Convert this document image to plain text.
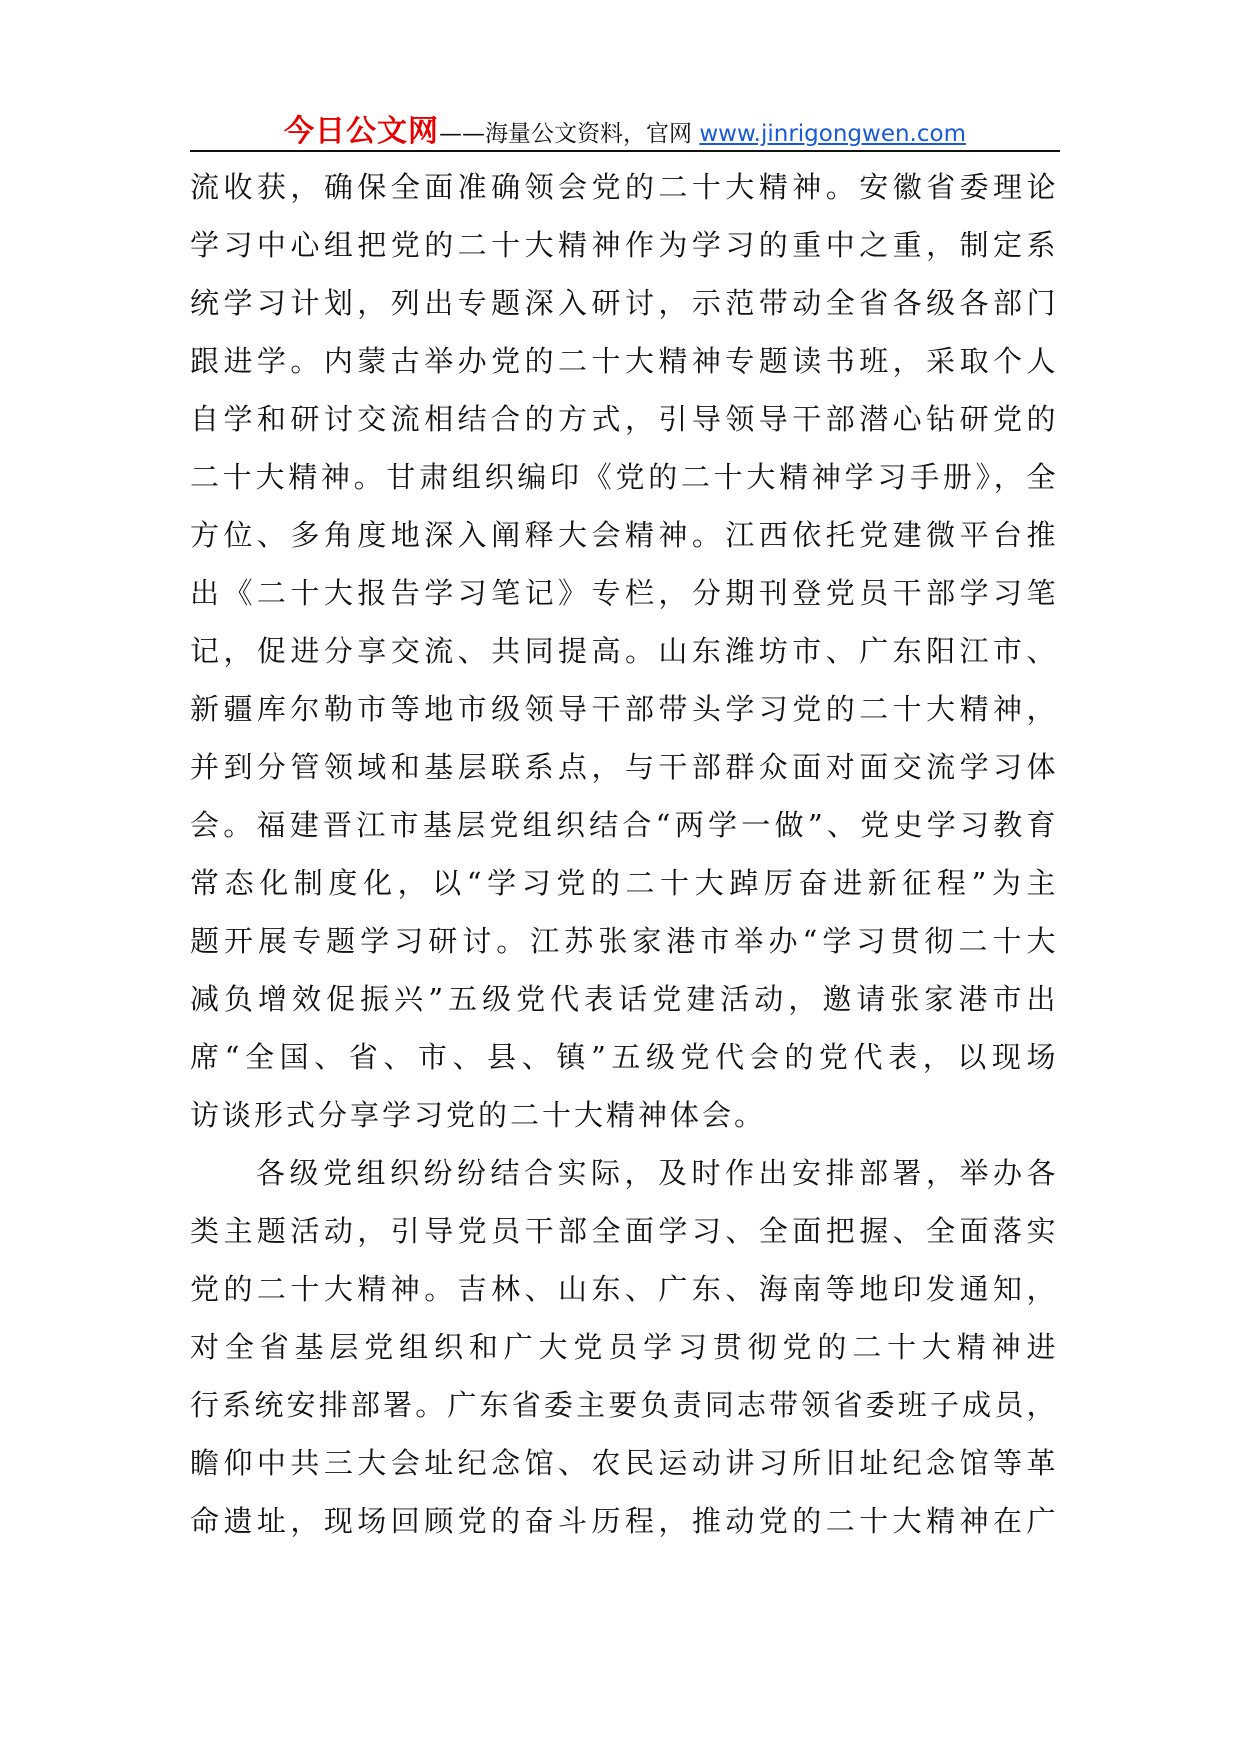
今日公文网——海量公文资料，官网 www.jinrigongwen.com
流收获，确保全面准确领会党的二十大精神。安徽省委理论
学习中心组把党的二十大精神作为学习的重中之重，制定系
统学习计划，列出专题深入研讨，示范带动全省各级各部门
跟进学。内蒙古举办党的二十大精神专题读书班，采取个人
自学和研讨交流相结合的方式，引导领导干部潜心钻研党的
二十大精神。甘肃组织编印《党的二十大精神学习手册》，全
方位、多角度地深入阐释大会精神。江西依托党建微平台推
出《二十大报告学习笔记》专栏，分期刊登党员干部学习笔
记，促进分享交流、共同提高。山东潍坊市、广东阳江市、
新疆库尔勒市等地市级领导干部带头学习党的二十大精神，
并到分管领域和基层联系点，与干部群众面对面交流学习体
会。福建晋江市基层党组织结合“两学一做”、党史学习教育
常态化制度化，以“学习党的二十大踔厉奋进新征程”为主
题开展专题学习研讨。江苏张家港市举办“学习贯彻二十大
减负增效促振兴”五级党代表话党建活动，邀请张家港市出
席“全国、省、市、县、镇”五级党代会的党代表，以现场
访谈形式分享学习党的二十大精神体会。
各级党组织纷纷结合实际，及时作出安排部署，举办各
类主题活动，引导党员干部全面学习、全面把握、全面落实
党的二十大精神。吉林、山东、广东、海南等地印发通知，
对全省基层党组织和广大党员学习贯彻党的二十大精神进
行系统安排部署。广东省委主要负责同志带领省委班子成员，
瞻仰中共三大会址纪念馆、农民运动讲习所旧址纪念馆等革
命遗址，现场回顾党的奋斗历程，推动党的二十大精神在广
